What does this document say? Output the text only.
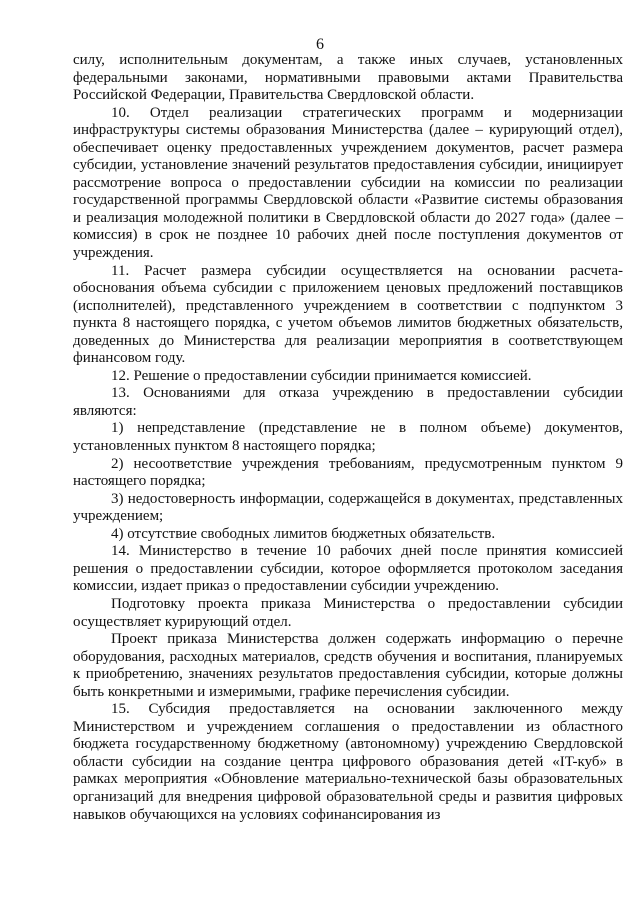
6

силу, исполнительным документам, а также иных случаев, установленных федеральными законами, нормативными правовыми актами Правительства Российской Федерации, Правительства Свердловской области.

10. Отдел реализации стратегических программ и модернизации инфраструктуры системы образования Министерства (далее – курирующий отдел), обеспечивает оценку предоставленных учреждением документов, расчет размера субсидии, установление значений результатов предоставления субсидии, инициирует рассмотрение вопроса о предоставлении субсидии на комиссии по реализации государственной программы Свердловской области «Развитие системы образования и реализация молодежной политики в Свердловской области до 2027 года» (далее – комиссия) в срок не позднее 10 рабочих дней после поступления документов от учреждения.

11. Расчет размера субсидии осуществляется на основании расчета-обоснования объема субсидии с приложением ценовых предложений поставщиков (исполнителей), представленного учреждением в соответствии с подпунктом 3 пункта 8 настоящего порядка, с учетом объемов лимитов бюджетных обязательств, доведенных до Министерства для реализации мероприятия в соответствующем финансовом году.

12. Решение о предоставлении субсидии принимается комиссией.

13. Основаниями для отказа учреждению в предоставлении субсидии являются:

1) непредставление (представление не в полном объеме) документов, установленных пунктом 8 настоящего порядка;

2) несоответствие учреждения требованиям, предусмотренным пунктом 9 настоящего порядка;

3) недостоверность информации, содержащейся в документах, представленных учреждением;

4) отсутствие свободных лимитов бюджетных обязательств.

14. Министерство в течение 10 рабочих дней после принятия комиссией решения о предоставлении субсидии, которое оформляется протоколом заседания комиссии, издает приказ о предоставлении субсидии учреждению.

Подготовку проекта приказа Министерства о предоставлении субсидии осуществляет курирующий отдел.

Проект приказа Министерства должен содержать информацию о перечне оборудования, расходных материалов, средств обучения и воспитания, планируемых к приобретению, значениях результатов предоставления субсидии, которые должны быть конкретными и измеримыми, графике перечисления субсидии.

15. Субсидия предоставляется на основании заключенного между Министерством и учреждением соглашения о предоставлении из областного бюджета государственному бюджетному (автономному) учреждению Свердловской области субсидии на создание центра цифрового образования детей «IT-куб» в рамках мероприятия «Обновление материально-технической базы образовательных организаций для внедрения цифровой образовательной среды и развития цифровых навыков обучающихся на условиях софинансирования из
